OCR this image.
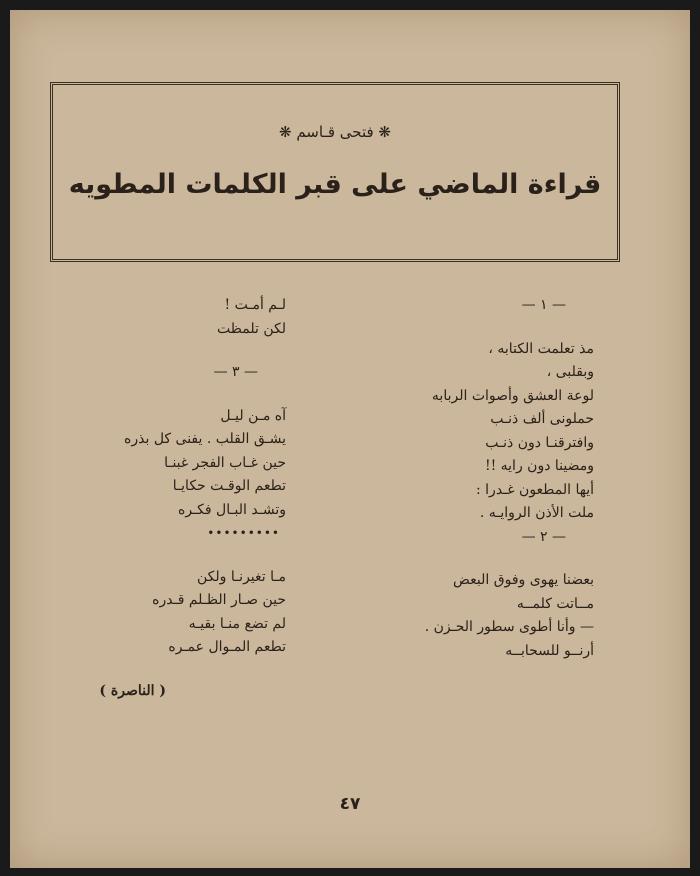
❋ فتحى قـاسم ❋
قراءة الماضي على قبر الكلمات المطويه
— ١ —
مذ تعلمت الكتابه ،
وبقلبى ،
لوعة العشق وأصوات الربابه
حملونى ألف ذنـب
وافترقنـا دون ذنـب
ومضينا دون رايه !!
أيها المطعون غـدرا :
ملت الأذن الروايـه .
— ٢ —
بعضنا يهوى وفوق البعض
مــاتت كلمــه
— وأنا أطوى سطور الحـزن .
أرنــو للسحابــه
لـم أمـت !
لكن تلمظت
— ٣ —
آه مـن ليـل
يشـق القلب . يفنى كل بذره
حين غـاب الفجر غبنـا
تطعم الوقـت حكايـا
وتشـد البـال فكـره
•••••••••
مـا تغيرنـا ولكن
حين صـار الظـلم قـدره
لم تضع منـا بقيـه
تطعم المـوال عمـره
( الناصرة )
٤٧
